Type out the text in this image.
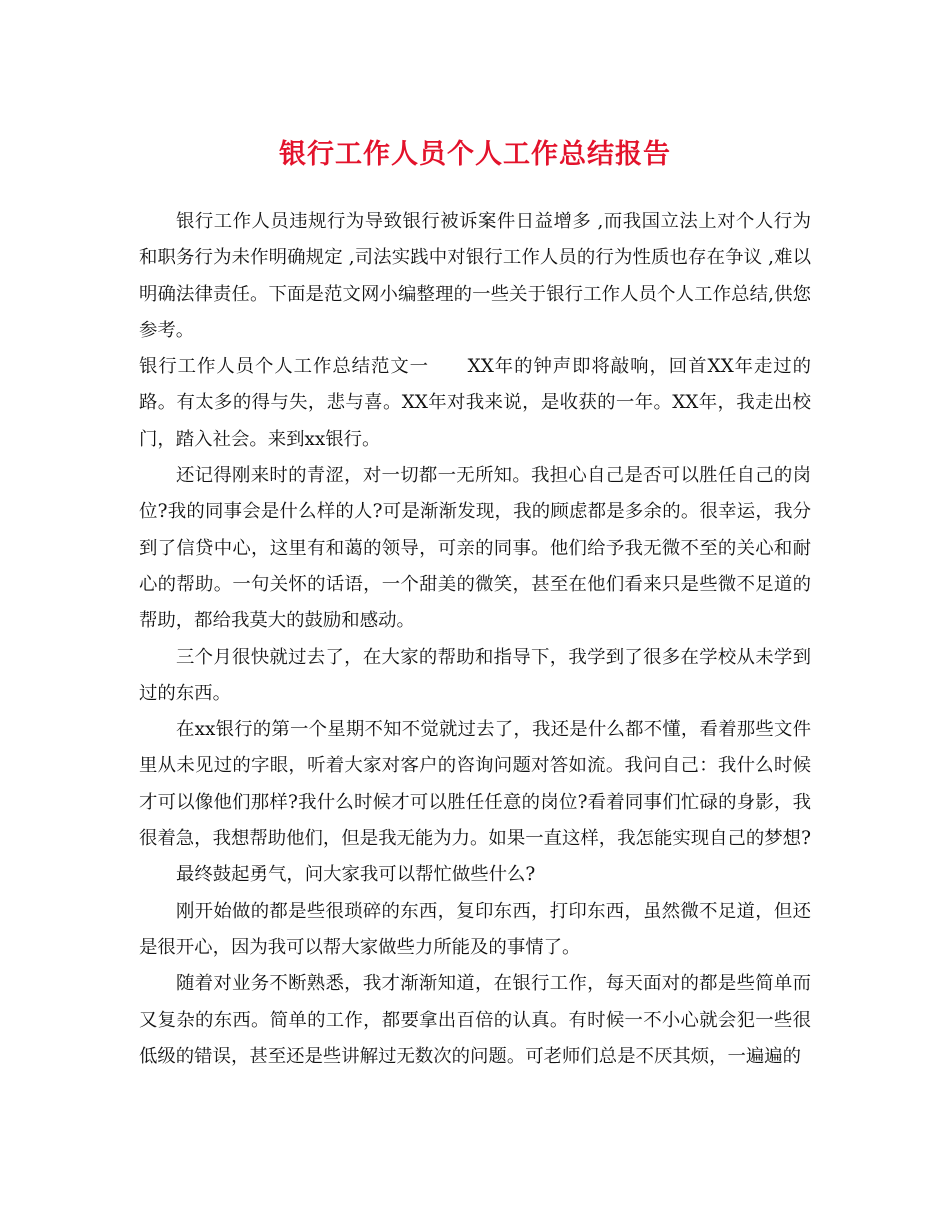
银行工作人员个人工作总结报告

银行工作人员违规行为导致银行被诉案件日益增多 ,而我国立法上对个人行为和职务行为未作明确规定 ,司法实践中对银行工作人员的行为性质也存在争议 ,难以明确法律责任。下面是范文网小编整理的一些关于银行工作人员个人工作总结,供您参考。

银行工作人员个人工作总结范文一　　XX年的钟声即将敲响，回首XX年走过的路。有太多的得与失，悲与喜。XX年对我来说，是收获的一年。XX年，我走出校门，踏入社会。来到xx银行。

还记得刚来时的青涩，对一切都一无所知。我担心自己是否可以胜任自己的岗位?我的同事会是什么样的人?可是渐渐发现，我的顾虑都是多余的。很幸运，我分到了信贷中心，这里有和蔼的领导，可亲的同事。他们给予我无微不至的关心和耐心的帮助。一句关怀的话语，一个甜美的微笑，甚至在他们看来只是些微不足道的帮助，都给我莫大的鼓励和感动。

三个月很快就过去了，在大家的帮助和指导下，我学到了很多在学校从未学到过的东西。

在xx银行的第一个星期不知不觉就过去了，我还是什么都不懂，看着那些文件里从未见过的字眼，听着大家对客户的咨询问题对答如流。我问自己：我什么时候才可以像他们那样?我什么时候才可以胜任任意的岗位?看着同事们忙碌的身影，我很着急，我想帮助他们，但是我无能为力。如果一直这样，我怎能实现自己的梦想?

最终鼓起勇气，问大家我可以帮忙做些什么?

刚开始做的都是些很琐碎的东西，复印东西，打印东西，虽然微不足道，但还是很开心，因为我可以帮大家做些力所能及的事情了。

随着对业务不断熟悉，我才渐渐知道，在银行工作，每天面对的都是些简单而又复杂的东西。简单的工作，都要拿出百倍的认真。有时候一不小心就会犯一些很低级的错误，甚至还是些讲解过无数次的问题。可老师们总是不厌其烦，一遍遍的
